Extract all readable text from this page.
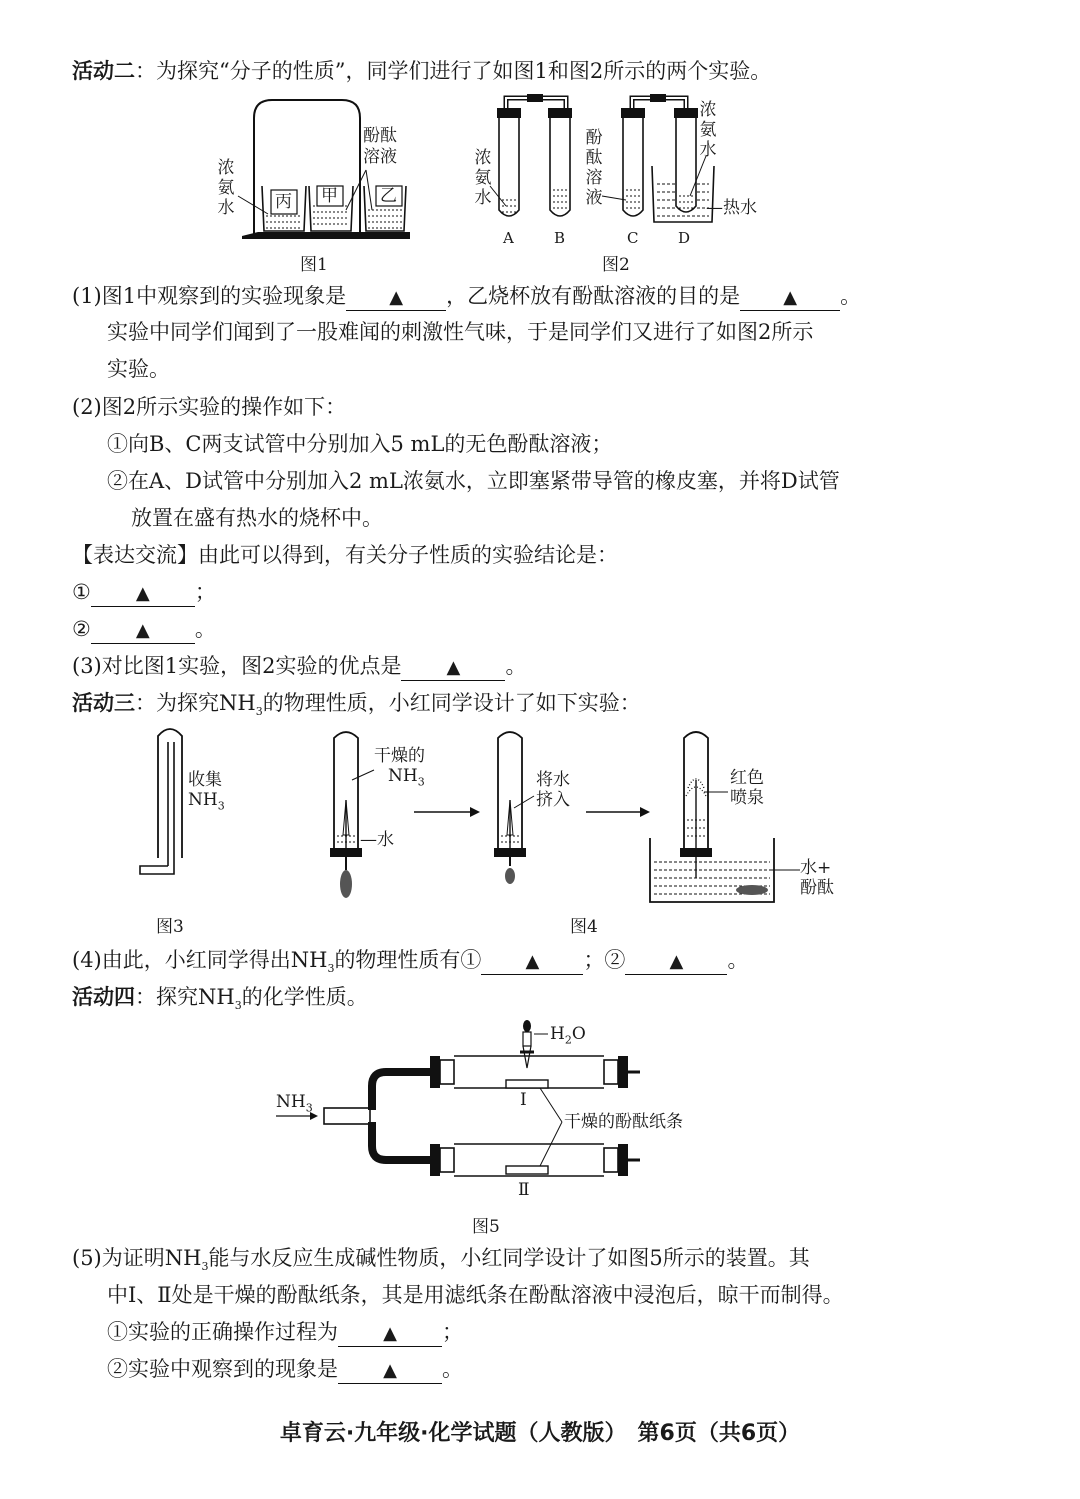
活动二：为探究“分子的性质”，同学们进行了如图1和图2所示的两个实验。
浓氨水
酚酞溶液
丙 甲 乙
图1
浓氨水
酚酞溶液
浓氨水
—热水
A	B	C	D
图2
(1)图1中观察到的实验现象是 ▲ ，乙烧杯放有酚酞溶液的目的是 ▲ 。
实验中同学们闻到了一股难闻的刺激性气味，于是同学们又进行了如图2所示
实验。
(2)图2所示实验的操作如下：
①向B、C两支试管中分别加入5 mL的无色酚酞溶液；
②在A、D试管中分别加入2 mL浓氨水，立即塞紧带导管的橡皮塞，并将D试管
放置在盛有热水的烧杯中。
【表达交流】由此可以得到，有关分子性质的实验结论是：
①	▲ ；
②	▲ 。
(3)对比图1实验，图2实验的优点是	▲ 。
活动三：为探究$NH_3$的物理性质，小红同学设计了如下实验：
收集
$NH_3$
图3
干燥的
$NH_3$
—水
将水
挤入
红色
喷泉
水+
酚酞
图4
(4)由此，小红同学得出$NH_3$的物理性质有① ▲ ；② ▲ 。
活动四：探究$NH_3$的化学性质。
$H_2O$
$NH_3$
干燥的酚酞纸条
Ⅰ
Ⅱ
图5
(5)为证明$NH_3$能与水反应生成碱性物质，小红同学设计了如图5所示的装置。其
中Ⅰ、Ⅱ处是干燥的酚酞纸条，其是用滤纸条在酚酞溶液中浸泡后，晾干而制得。
①实验的正确操作过程为	▲ ；
②实验中观察到的现象是	▲ 。
卓育云·九年级·化学试题（人教版）　第6页（共6页）
